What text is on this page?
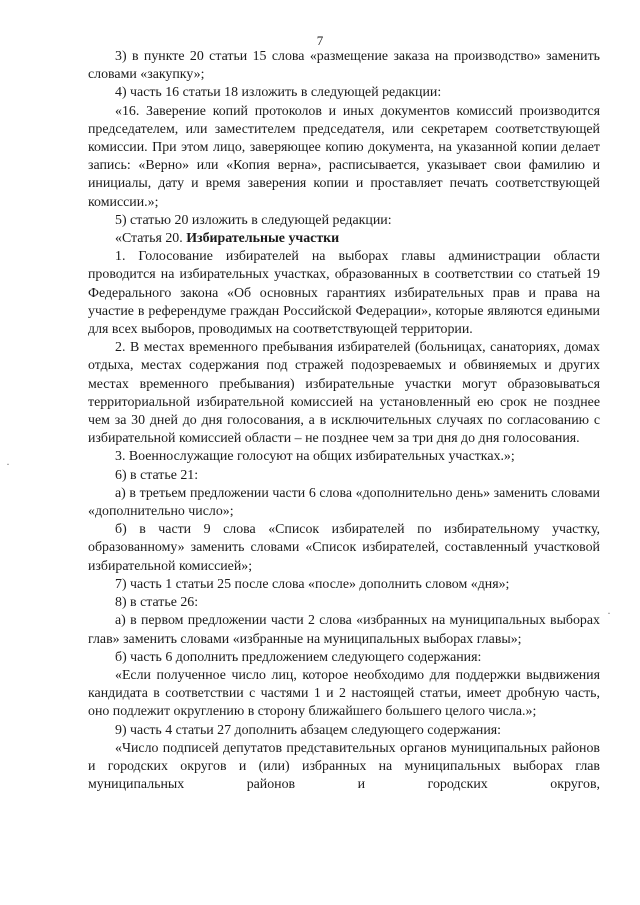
7
·
·

3) в пункте 20 статьи 15 слова «размещение заказа на производство» заменить словами «закупку»;

4) часть 16 статьи 18 изложить в следующей редакции:

«16. Заверение копий протоколов и иных документов комиссий производится председателем, или заместителем председателя, или секретарем соответствующей комиссии. При этом лицо, заверяющее копию документа, на указанной копии делает запись: «Верно» или «Копия верна», расписывается, указывает свои фамилию и инициалы, дату и время заверения копии и проставляет печать соответствующей комиссии.»;

5) статью 20 изложить в следующей редакции:

«Статья 20. Избирательные участки

1. Голосование избирателей на выборах главы администрации области проводится на избирательных участках, образованных в соответствии со статьей 19 Федерального закона «Об основных гарантиях избирательных прав и права на участие в референдуме граждан Российской Федерации», которые являются едиными для всех выборов, проводимых на соответствующей территории.

2. В местах временного пребывания избирателей (больницах, санаториях, домах отдыха, местах содержания под стражей подозреваемых и обвиняемых и других местах временного пребывания) избирательные участки могут образовываться территориальной избирательной комиссией на установленный ею срок не позднее чем за 30 дней до дня голосования, а в исключительных случаях по согласованию с избирательной комиссией области – не позднее чем за три дня до дня голосования.

3. Военнослужащие голосуют на общих избирательных участках.»;

6) в статье 21:

а) в третьем предложении части 6 слова «дополнительно день» заменить словами «дополнительно число»;

б) в части 9 слова «Список избирателей по избирательному участку, образованному» заменить словами «Список избирателей, составленный участковой избирательной комиссией»;

7) часть 1 статьи 25 после слова «после» дополнить словом «дня»;

8) в статье 26:

а) в первом предложении части 2 слова «избранных на муниципальных выборах глав» заменить словами «избранные на муниципальных выборах главы»;

б) часть 6 дополнить предложением следующего содержания:

«Если полученное число лиц, которое необходимо для поддержки выдвижения кандидата в соответствии с частями 1 и 2 настоящей статьи, имеет дробную часть, оно подлежит округлению в сторону ближайшего большего целого числа.»;

9) часть 4 статьи 27 дополнить абзацем следующего содержания:

«Число подписей депутатов представительных органов муниципальных районов и городских округов и (или) избранных на муниципальных выборах глав муниципальных районов и городских округов,
